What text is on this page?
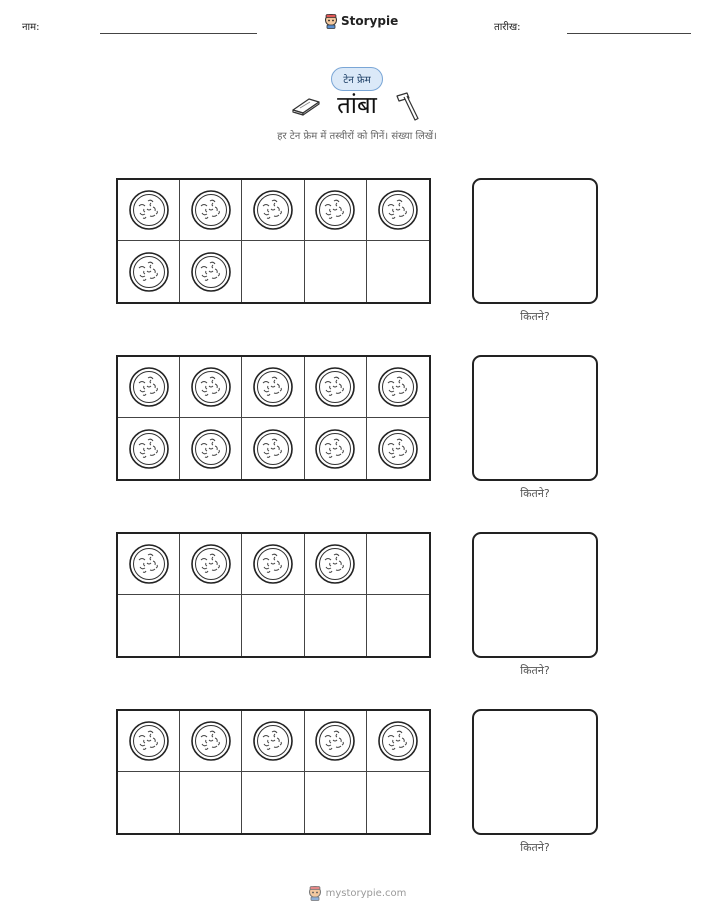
नाम:	Storypie	तारीख:
टेन फ्रेम
तांबा
हर टेन फ्रेम में तस्वीरों को गिनें। संख्या लिखें।
कितने?
कितने?
कितने?
कितने?
mystorypie.com
